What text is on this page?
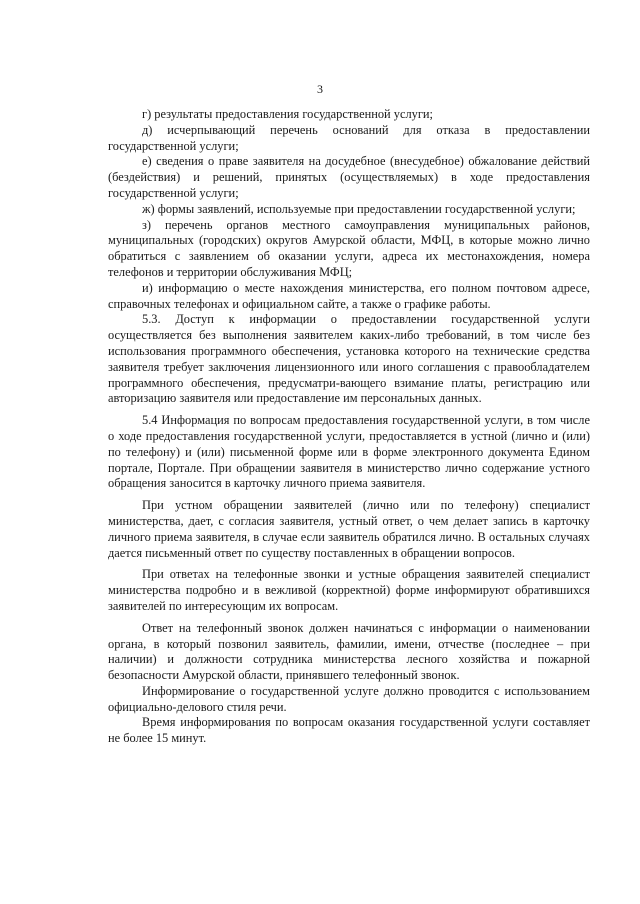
3

г) результаты предоставления государственной услуги;

д) исчерпывающий перечень оснований для отказа в предоставлении государственной услуги;

е) сведения о праве заявителя на досудебное (внесудебное) обжалование действий (бездействия) и решений, принятых (осуществляемых) в ходе предоставления государственной услуги;

ж) формы заявлений, используемые при предоставлении государственной услуги;

з) перечень органов местного самоуправления муниципальных районов, муниципальных (городских) округов Амурской области, МФЦ, в которые можно лично обратиться с заявлением об оказании услуги, адреса их местонахождения, номера телефонов и территории обслуживания МФЦ;

и) информацию о месте нахождения министерства, его полном почтовом адресе, справочных телефонах и официальном сайте, а также о графике работы.

5.3. Доступ к информации о предоставлении государственной услуги осуществляется без выполнения заявителем каких-либо требований, в том числе без использования программного обеспечения, установка которого на технические средства заявителя требует заключения лицензионного или иного соглашения с правообладателем программного обеспечения, предусматри-вающего взимание платы, регистрацию или авторизацию заявителя или предоставление им персональных данных.

5.4 Информация по вопросам предоставления государственной услуги, в том числе о ходе предоставления государственной услуги, предоставляется в устной (лично и (или) по телефону) и (или) письменной форме или в форме электронного документа Едином портале, Портале. При обращении заявителя в министерство лично содержание устного обращения заносится в карточку личного приема заявителя.

При устном обращении заявителей (лично или по телефону) специалист министерства, дает, с согласия заявителя, устный ответ, о чем делает запись в карточку личного приема заявителя, в случае если заявитель обратился лично. В остальных случаях дается письменный ответ по существу поставленных в обращении вопросов.

При ответах на телефонные звонки и устные обращения заявителей специалист министерства подробно и в вежливой (корректной) форме информируют обратившихся заявителей по интересующим их вопросам.

Ответ на телефонный звонок должен начинаться с информации о наименовании органа, в который позвонил заявитель, фамилии, имени, отчестве (последнее – при наличии) и должности сотрудника министерства лесного хозяйства и пожарной безопасности Амурской области, принявшего телефонный звонок.

Информирование о государственной услуге должно проводится с использованием официально-делового стиля речи.

Время информирования по вопросам оказания государственной услуги составляет не более 15 минут.
